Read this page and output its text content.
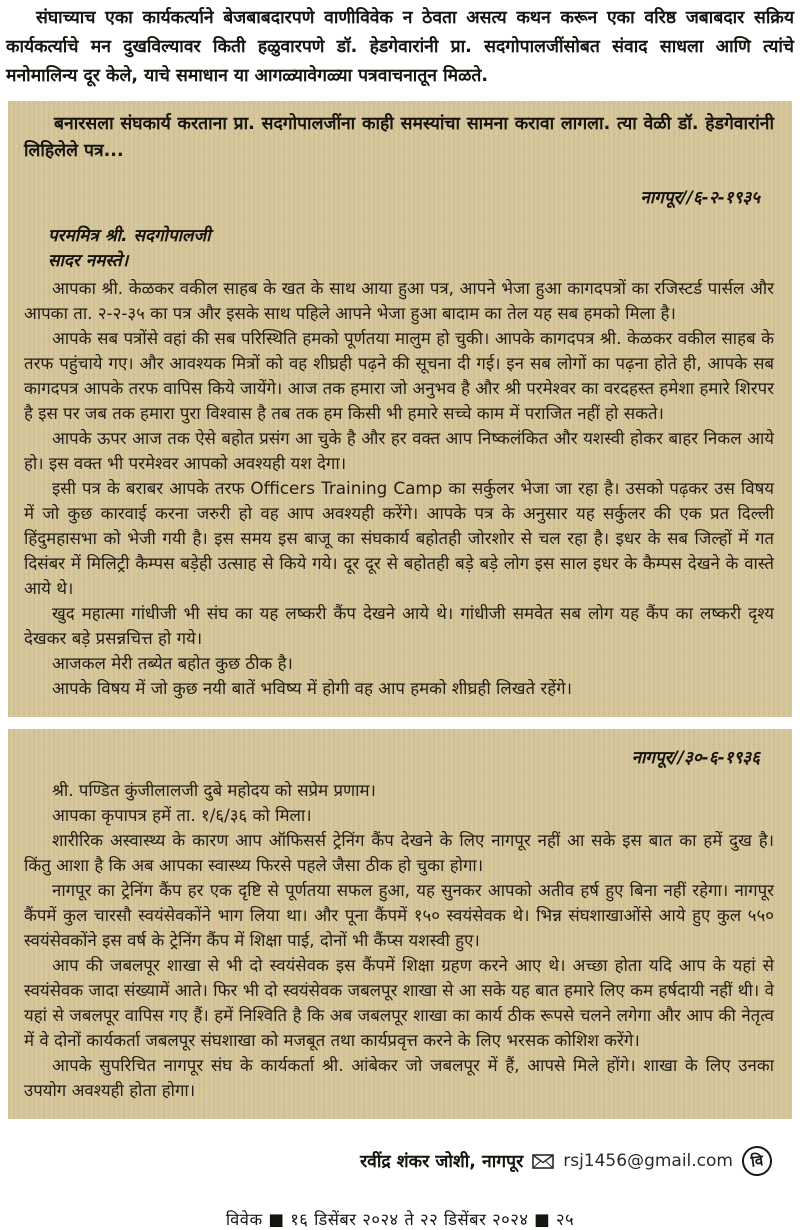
संघाच्याच एका कार्यकर्त्याने बेजबाबदारपणे वाणीविवेक न ठेवता असत्य कथन करून एका वरिष्ठ जबाबदार सक्रिय कार्यकर्त्याचे मन दुखविल्यावर किती हळुवारपणे डॉ. हेडगेवारांनी प्रा. सदगोपालजींसोबत संवाद साधला आणि त्यांचे मनोमालिन्य दूर केले, याचे समाधान या आगळ्यावेगळ्या पत्रवाचनातून मिळते.

बनारसला संघकार्य करताना प्रा. सदगोपालजींना काही समस्यांचा सामना करावा लागला. त्या वेळी डॉ. हेडगेवारांनी लिहिलेले पत्र...

नागपूर//६-२-१९३५
परममित्र श्री. सदगोपालजी
सादर नमस्ते।

आपका श्री. केळकर वकील साहब के खत के साथ आया हुआ पत्र, आपने भेजा हुआ कागदपत्रों का रजिस्टर्ड पार्सल और आपका ता. २-२-३५ का पत्र और इसके साथ पहिले आपने भेजा हुआ बादाम का तेल यह सब हमको मिला है।

आपके सब पत्रोंसे वहां की सब परिस्थिति हमको पूर्णतया मालुम हो चुकी। आपके कागदपत्र श्री. केळकर वकील साहब के तरफ पहुंचाये गए। और आवश्यक मित्रों को वह शीघ्रही पढ़ने की सूचना दी गई। इन सब लोगों का पढ़ना होते ही, आपके सब कागदपत्र आपके तरफ वापिस किये जायेंगे। आज तक हमारा जो अनुभव है और श्री परमेश्वर का वरदहस्त हमेशा हमारे शिरपर है इस पर जब तक हमारा पुरा विश्वास है तब तक हम किसी भी हमारे सच्चे काम में पराजित नहीं हो सकते।

आपके ऊपर आज तक ऐसे बहोत प्रसंग आ चुके है और हर वक्त आप निष्कलंकित और यशस्वी होकर बाहर निकल आये हो। इस वक्त भी परमेश्वर आपको अवश्यही यश देगा।

इसी पत्र के बराबर आपके तरफ Officers Training Camp का सर्कुलर भेजा जा रहा है। उसको पढ़कर उस विषय में जो कुछ कारवाई करना जरुरी हो वह आप अवश्यही करेंगे। आपके पत्र के अनुसार यह सर्कुलर की एक प्रत दिल्ली हिंदुमहासभा को भेजी गयी है। इस समय इस बाजू का संघकार्य बहोतही जोरशोर से चल रहा है। इधर के सब जिल्हों में गत दिसंबर में मिलिट्री कैम्पस बड़ेही उत्साह से किये गये। दूर दूर से बहोतही बड़े बड़े लोग इस साल इधर के कैम्पस देखने के वास्ते आये थे।

खुद महात्मा गांधीजी भी संघ का यह लष्करी कैंप देखने आये थे। गांधीजी समवेत सब लोग यह कैंप का लष्करी दृश्य देखकर बड़े प्रसन्नचित्त हो गये।

आजकल मेरी तब्येत बहोत कुछ ठीक है।

आपके विषय में जो कुछ नयी बातें भविष्य में होगी वह आप हमको शीघ्रही लिखते रहेंगे।

नागपूर//३०-६-१९३६

श्री. पण्डित कुंजीलालजी दुबे महोदय को सप्रेम प्रणाम।

आपका कृपापत्र हमें ता. १/६/३६ को मिला।

शारीरिक अस्वास्थ्य के कारण आप ऑफिसर्स ट्रेनिंग कैंप देखने के लिए नागपूर नहीं आ सके इस बात का हमें दुख है। किंतु आशा है कि अब आपका स्वास्थ्य फिरसे पहले जैसा ठीक हो चुका होगा।

नागपूर का ट्रेनिंग कैंप हर एक दृष्टि से पूर्णतया सफल हुआ, यह सुनकर आपको अतीव हर्ष हुए बिना नहीं रहेगा। नागपूर कैंपमें कुल चारसौ स्वयंसेवकोंने भाग लिया था। और पूना कैंपमें १५० स्वयंसेवक थे। भिन्न संघशाखाओंसे आये हुए कुल ५५० स्वयंसेवकोंने इस वर्ष के ट्रेनिंग कैंप में शिक्षा पाई, दोनों भी कैंप्स यशस्वी हुए।

आप की जबलपूर शाखा से भी दो स्वयंसेवक इस कैंपमें शिक्षा ग्रहण करने आए थे। अच्छा होता यदि आप के यहां से स्वयंसेवक जादा संख्यामें आते। फिर भी दो स्वयंसेवक जबलपूर शाखा से आ सके यह बात हमारे लिए कम हर्षदायी नहीं थी। वे यहां से जबलपूर वापिस गए हैं। हमें निश्विति है कि अब जबलपूर शाखा का कार्य ठीक रूपसे चलने लगेगा और आप की नेतृत्व में वे दोनों कार्यकर्ता जबलपूर संघशाखा को मजबूत तथा कार्यप्रवृत्त करने के लिए भरसक कोशिश करेंगे।

आपके सुपरिचित नागपूर संघ के कार्यकर्ता श्री. आंबेकर जो जबलपूर में हैं, आपसे मिले होंगे। शाखा के लिए उनका उपयोग अवश्यही होता होगा।

रवींद्र शंकर जोशी, नागपूर rsj1456@gmail.com	वि
विवेक ■ १६ डिसेंबर २०२४ ते २२ डिसेंबर २०२४ ■ २५
